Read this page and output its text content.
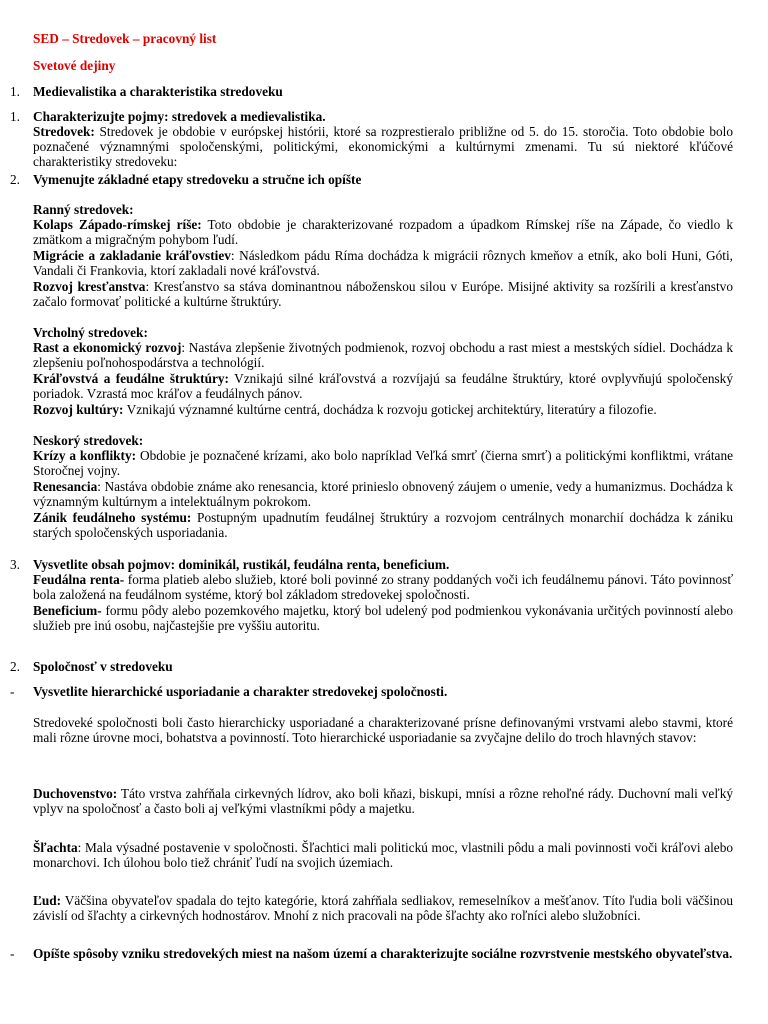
SED – Stredovek – pracovný list
Svetové dejiny
1. Medievalistika a charakteristika stredoveku
1. Charakterizujte pojmy: stredovek a medievalistika.
Stredovek: Stredovek je obdobie v európskej histórii, ktoré sa rozprestieralo približne od 5. do 15. storočia. Toto obdobie bolo poznačené významnými spoločenskými, politickými, ekonomickými a kultúrnymi zmenami. Tu sú niektoré kľúčové charakteristiky stredoveku:
2. Vymenujte základné etapy stredoveku a stručne ich opíšte
Ranný stredovek:
Kolaps Západo-rímskej ríše: Toto obdobie je charakterizované rozpadom a úpadkom Rímskej ríše na Západe, čo viedlo k zmätkom a migračným pohybom ľudí.
Migrácie a zakladanie kráľovstiev: Následkom pádu Ríma dochádza k migrácii rôznych kmeňov a etník, ako boli Huni, Góti, Vandali či Frankovia, ktorí zakladali nové kráľovstvá.
Rozvoj kresťanstva: Kresťanstvo sa stáva dominantnou náboženskou silou v Európe. Misijné aktivity sa rozšírili a kresťanstvo začalo formovať politické a kultúrne štruktúry.
Vrcholný stredovek:
Rast a ekonomický rozvoj: Nastáva zlepšenie životných podmienok, rozvoj obchodu a rast miest a mestských sídiel. Dochádza k zlepšeniu poľnohospodárstva a technológií.
Kráľovstvá a feudálne štruktúry: Vznikajú silné kráľovstvá a rozvíjajú sa feudálne štruktúry, ktoré ovplyvňujú spoločenský poriadok. Vzrastá moc kráľov a feudálnych pánov.
Rozvoj kultúry: Vznikajú významné kultúrne centrá, dochádza k rozvoju gotickej architektúry, literatúry a filozofie.
Neskorý stredovek:
Krízy a konflikty: Obdobie je poznačené krízami, ako bolo napríklad Veľká smrť (čierna smrť) a politickými konfliktmi, vrátane Storočnej vojny.
Renesancia: Nastáva obdobie známe ako renesancia, ktoré prinieslo obnovený záujem o umenie, vedy a humanizmus. Dochádza k významným kultúrnym a intelektuálnym pokrokom.
Zánik feudálneho systému: Postupným upadnutím feudálnej štruktúry a rozvojom centrálnych monarchií dochádza k zániku starých spoločenských usporiadania.
3. Vysvetlite obsah pojmov: dominikál, rustikál, feudálna renta, beneficium.
Feudálna renta- forma platieb alebo služieb, ktoré boli povinné zo strany poddaných voči ich feudálnemu pánovi. Táto povinnosť bola založená na feudálnom systéme, ktorý bol základom stredovekej spoločnosti.
Beneficium- formu pôdy alebo pozemkového majetku, ktorý bol udelený pod podmienkou vykonávania určitých povinností alebo služieb pre inú osobu, najčastejšie pre vyššiu autoritu.
2. Spoločnosť v stredoveku
- Vysvetlite hierarchické usporiadanie a charakter stredovekej spoločnosti.
Stredoveké spoločnosti boli často hierarchicky usporiadané a charakterizované prísne definovanými vrstvami alebo stavmi, ktoré mali rôzne úrovne moci, bohatstva a povinností. Toto hierarchické usporiadanie sa zvyčajne delilo do troch hlavných stavov:
Duchovenstvo: Táto vrstva zahŕňala cirkevných lídrov, ako boli kňazi, biskupi, mnísi a rôzne rehoľné rády. Duchovní mali veľký vplyv na spoločnosť a často boli aj veľkými vlastníkmi pôdy a majetku.
Šľachta: Mala výsadné postavenie v spoločnosti. Šľachtici mali politickú moc, vlastnili pôdu a mali povinnosti voči kráľovi alebo monarchovi. Ich úlohou bolo tiež chrániť ľudí na svojich územiach.
Ľud: Väčšina obyvateľov spadala do tejto kategórie, ktorá zahŕňala sedliakov, remeselníkov a mešťanov. Títo ľudia boli väčšinou závislí od šľachty a cirkevných hodnostárov. Mnohí z nich pracovali na pôde šľachty ako roľníci alebo služobníci.
- Opíšte spôsoby vzniku stredovekých miest na našom území a charakterizujte sociálne rozvrstvenie mestského obyvateľstva.
